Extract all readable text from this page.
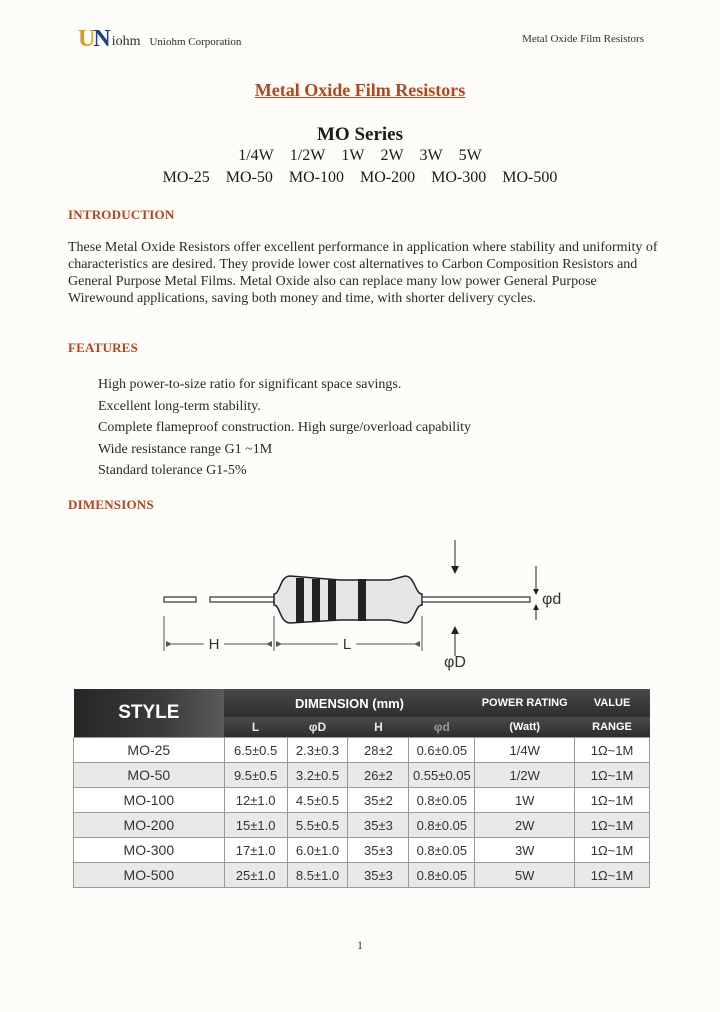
U
N iohm Uniohm Corporation	Metal Oxide Film Resistors
Metal Oxide Film Resistors
MO Series
1/4W 1/2W 1W 2W 3W 5W
MO-25 MO-50 MO-100 MO-200 MO-300 MO-500
INTRODUCTION
These Metal Oxide Resistors offer excellent performance in application where stability and uniformity of characteristics are desired. They provide lower cost alternatives to Carbon Composition Resistors and General Purpose Metal Films. Metal Oxide also can replace many low power General Purpose Wirewound applications, saving both money and time, with shorter delivery cycles.
FEATURES
High power-to-size ratio for significant space savings.
Excellent long-term stability.
Complete flameproof construction. High surge/overload capability
Wide resistance range G1 ~1M
Standard tolerance G1-5%
DIMENSIONS
H	L
φd
φD
STYLE	DIMENSION (mm)				POWER RATING	VALUE
	L	φD	H	φd	(Watt)	RANGE
MO-25	6.5±0.5	2.3±0.3	28±2	0.6±0.05	1/4W	1Ω~1M
MO-50	9.5±0.5	3.2±0.5	26±2	0.55±0.05	1/2W	1Ω~1M
MO-100	12±1.0	4.5±0.5	35±2	0.8±0.05	1W	1Ω~1M
MO-200	15±1.0	5.5±0.5	35±3	0.8±0.05	2W	1Ω~1M
MO-300	17±1.0	6.0±1.0	35±3	0.8±0.05	3W	1Ω~1M
MO-500	25±1.0	8.5±1.0	35±3	0.8±0.05	5W	1Ω~1M
1
